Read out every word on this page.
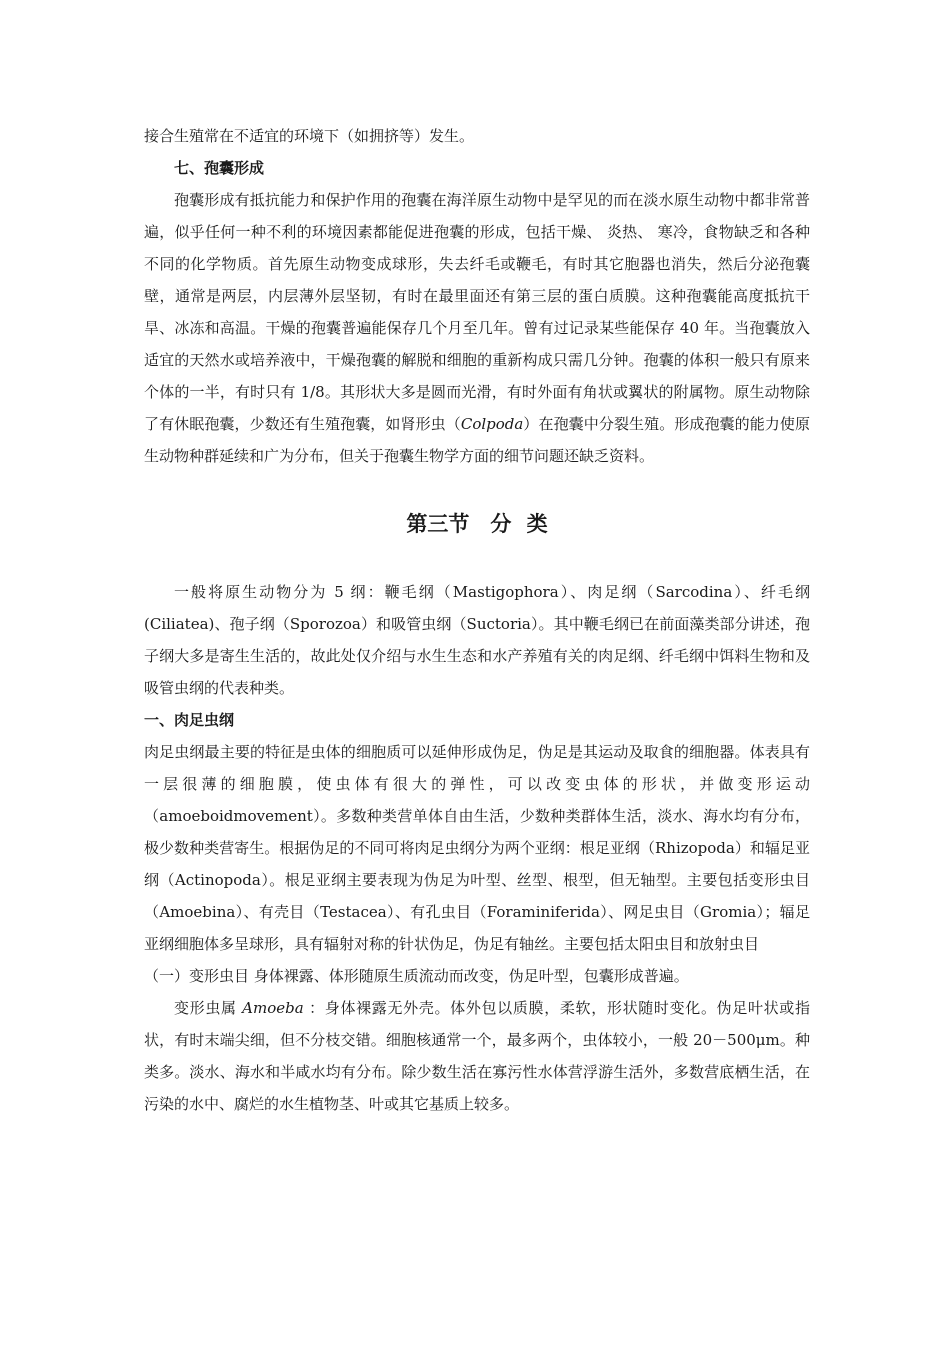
接合生殖常在不适宜的环境下（如拥挤等）发生。

七、孢囊形成

孢囊形成有抵抗能力和保护作用的孢囊在海洋原生动物中是罕见的而在淡水原生动物中都非常普遍，似乎任何一种不利的环境因素都能促进孢囊的形成，包括干燥、 炎热、 寒冷，食物缺乏和各种不同的化学物质。首先原生动物变成球形，失去纤毛或鞭毛，有时其它胞器也消失，然后分泌孢囊壁，通常是两层，内层薄外层坚韧，有时在最里面还有第三层的蛋白质膜。这种孢囊能高度抵抗干旱、冰冻和高温。干燥的孢囊普遍能保存几个月至几年。曾有过记录某些能保存 40 年。当孢囊放入适宜的天然水或培养液中，干燥孢囊的解脱和细胞的重新构成只需几分钟。孢囊的体积一般只有原来个体的一半，有时只有 1/8。其形状大多是圆而光滑，有时外面有角状或翼状的附属物。原生动物除了有休眠孢囊，少数还有生殖孢囊，如肾形虫（Colpoda）在孢囊中分裂生殖。形成孢囊的能力使原生动物种群延续和广为分布，但关于孢囊生物学方面的细节问题还缺乏资料。

第三节　分 类

一般将原生动物分为 5 纲：鞭毛纲（Mastigophora）、肉足纲（Sarcodina）、纤毛纲(Ciliatea)、孢子纲（Sporozoa）和吸管虫纲（Suctoria）。其中鞭毛纲已在前面藻类部分讲述，孢子纲大多是寄生生活的，故此处仅介绍与水生生态和水产养殖有关的肉足纲、纤毛纲中饵料生物和及吸管虫纲的代表种类。

一、肉足虫纲

肉足虫纲最主要的特征是虫体的细胞质可以延伸形成伪足，伪足是其运动及取食的细胞器。体表具有一层很薄的细胞膜，使虫体有很大的弹性，可以改变虫体的形状，并做变形运动（amoeboidmovement）。多数种类营单体自由生活，少数种类群体生活，淡水、海水均有分布，极少数种类营寄生。根据伪足的不同可将肉足虫纲分为两个亚纲：根足亚纲（Rhizopoda）和辐足亚纲（Actinopoda）。根足亚纲主要表现为伪足为叶型、丝型、根型，但无轴型。主要包括变形虫目（Amoebina）、有壳目（Testacea）、有孔虫目（Foraminiferida）、网足虫目（Gromia）；辐足亚纲细胞体多呈球形，具有辐射对称的针状伪足，伪足有轴丝。主要包括太阳虫目和放射虫目

（一）变形虫目 身体裸露、体形随原生质流动而改变，伪足叶型，包囊形成普遍。

变形虫属 Amoeba ：身体裸露无外壳。体外包以质膜，柔软，形状随时变化。伪足叶状或指状，有时末端尖细，但不分枝交错。细胞核通常一个，最多两个，虫体较小，一般 20－500μm。种类多。淡水、海水和半咸水均有分布。除少数生活在寡污性水体营浮游生活外，多数营底栖生活，在污染的水中、腐烂的水生植物茎、叶或其它基质上较多。
